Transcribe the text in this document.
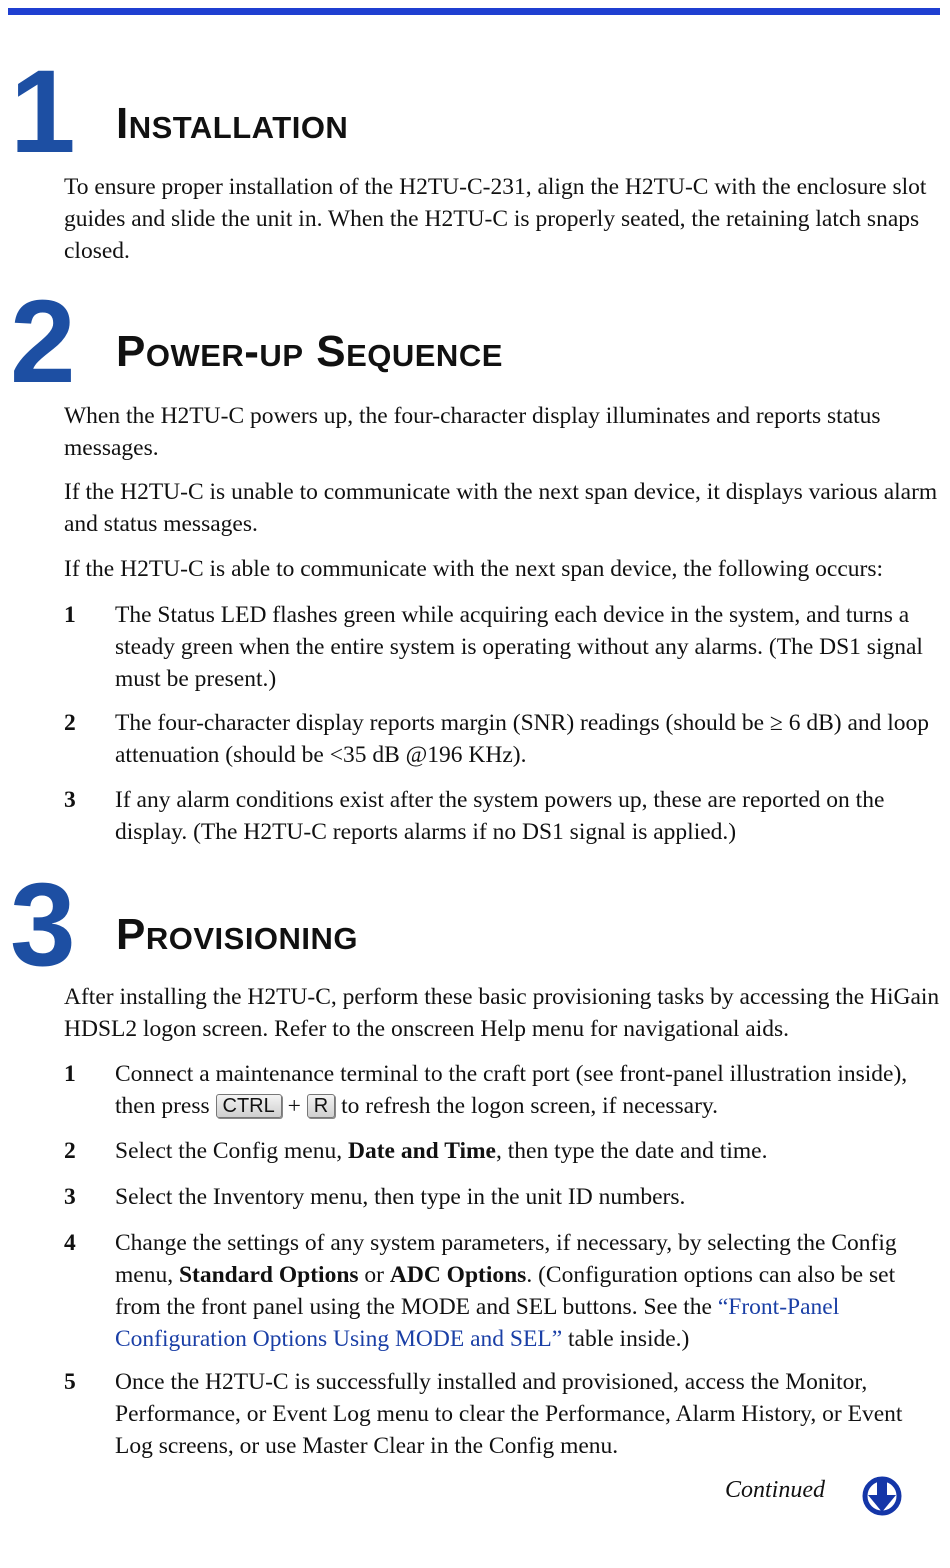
1 Installation

To ensure proper installation of the H2TU-C-231, align the H2TU-C with the enclosure slot guides and slide the unit in. When the H2TU-C is properly seated, the retaining latch snaps closed.

2 Power-up Sequence

When the H2TU-C powers up, the four-character display illuminates and reports status messages.

If the H2TU-C is unable to communicate with the next span device, it displays various alarm and status messages.

If the H2TU-C is able to communicate with the next span device, the following occurs:

1	The Status LED flashes green while acquiring each device in the system, and turns a steady green when the entire system is operating without any alarms. (The DS1 signal must be present.)
2	The four-character display reports margin (SNR) readings (should be ≥ 6 dB) and loop attenuation (should be <35 dB @196 KHz).
3	If any alarm conditions exist after the system powers up, these are reported on the display. (The H2TU-C reports alarms if no DS1 signal is applied.)
3 Provisioning

After installing the H2TU-C, perform these basic provisioning tasks by accessing the HiGain HDSL2 logon screen. Refer to the onscreen Help menu for navigational aids.

1	Connect a maintenance terminal to the craft port (see front-panel illustration inside), then press CTRL + R to refresh the logon screen, if necessary.
2	Select the Config menu, Date and Time, then type the date and time.
3	Select the Inventory menu, then type in the unit ID numbers.
4	Change the settings of any system parameters, if necessary, by selecting the Config menu, Standard Options or ADC Options. (Configuration options can also be set from the front panel using the MODE and SEL buttons. See the “Front-Panel Configuration Options Using MODE and SEL” table inside.)
5	Once the H2TU-C is successfully installed and provisioned, access the Monitor, Performance, or Event Log menu to clear the Performance, Alarm History, or Event Log screens, or use Master Clear in the Config menu.
Continued
